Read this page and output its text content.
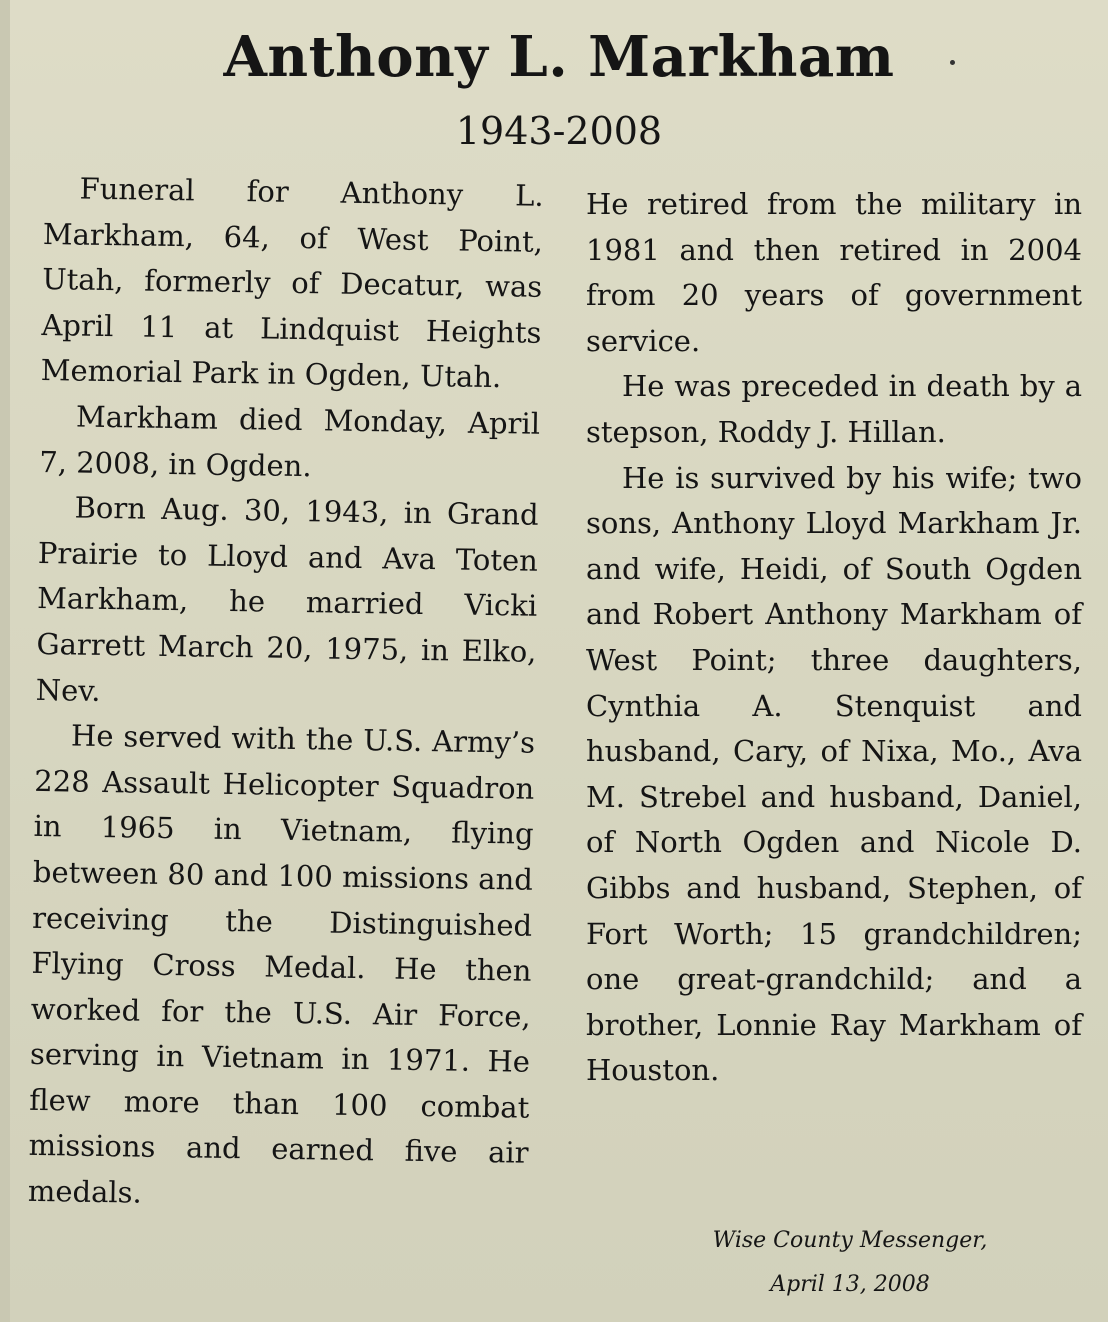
Anthony L. Markham
1943-2008

Funeral for Anthony L. Markham, 64, of West Point, Utah, formerly of Decatur, was April 11 at Lindquist Heights Memorial Park in Ogden, Utah.

Markham died Monday, April 7, 2008, in Ogden.

Born Aug. 30, 1943, in Grand Prairie to Lloyd and Ava Toten Markham, he married Vicki Garrett March 20, 1975, in Elko, Nev.

He served with the U.S. Army’s 228 Assault Helicopter Squadron in 1965 in Vietnam, flying between 80 and 100 missions and receiving the Distinguished Flying Cross Medal. He then worked for the U.S. Air Force, serving in Vietnam in 1971. He flew more than 100 combat missions and earned five air medals.

He retired from the military in 1981 and then retired in 2004 from 20 years of government service.

He was preceded in death by a stepson, Roddy J. Hillan.

He is survived by his wife; two sons, Anthony Lloyd Markham Jr. and wife, Heidi, of South Ogden and Robert Anthony Markham of West Point; three daughters, Cynthia A. Stenquist and husband, Cary, of Nixa, Mo., Ava M. Strebel and husband, Daniel, of North Ogden and Nicole D. Gibbs and husband, Stephen, of Fort Worth; 15 grandchildren; one great-grandchild; and a brother, Lonnie Ray Markham of Houston.

Wise County Messenger,
April 13, 2008
